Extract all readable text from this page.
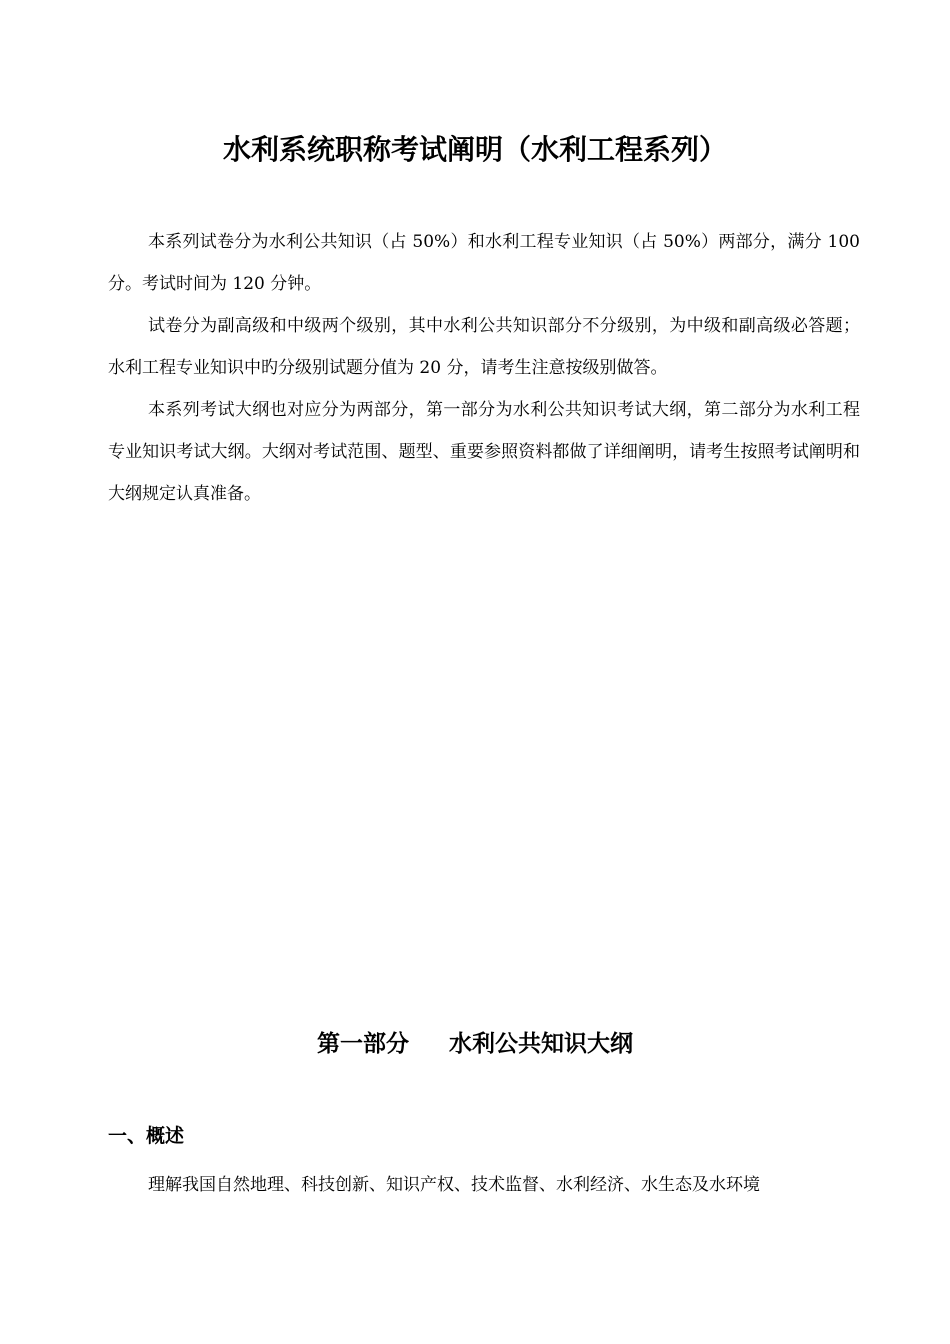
水利系统职称考试阐明（水利工程系列）

本系列试卷分为水利公共知识（占 50%）和水利工程专业知识（占 50%）两部分，满分 100 分。考试时间为 120 分钟。

试卷分为副高级和中级两个级别，其中水利公共知识部分不分级别，为中级和副高级必答题；水利工程专业知识中旳分级别试题分值为 20 分，请考生注意按级别做答。

本系列考试大纲也对应分为两部分，第一部分为水利公共知识考试大纲，第二部分为水利工程专业知识考试大纲。大纲对考试范围、题型、重要参照资料都做了详细阐明，请考生按照考试阐明和大纲规定认真准备。

第一部分 水利公共知识大纲
一、概述

理解我国自然地理、科技创新、知识产权、技术监督、水利经济、水生态及水环境
